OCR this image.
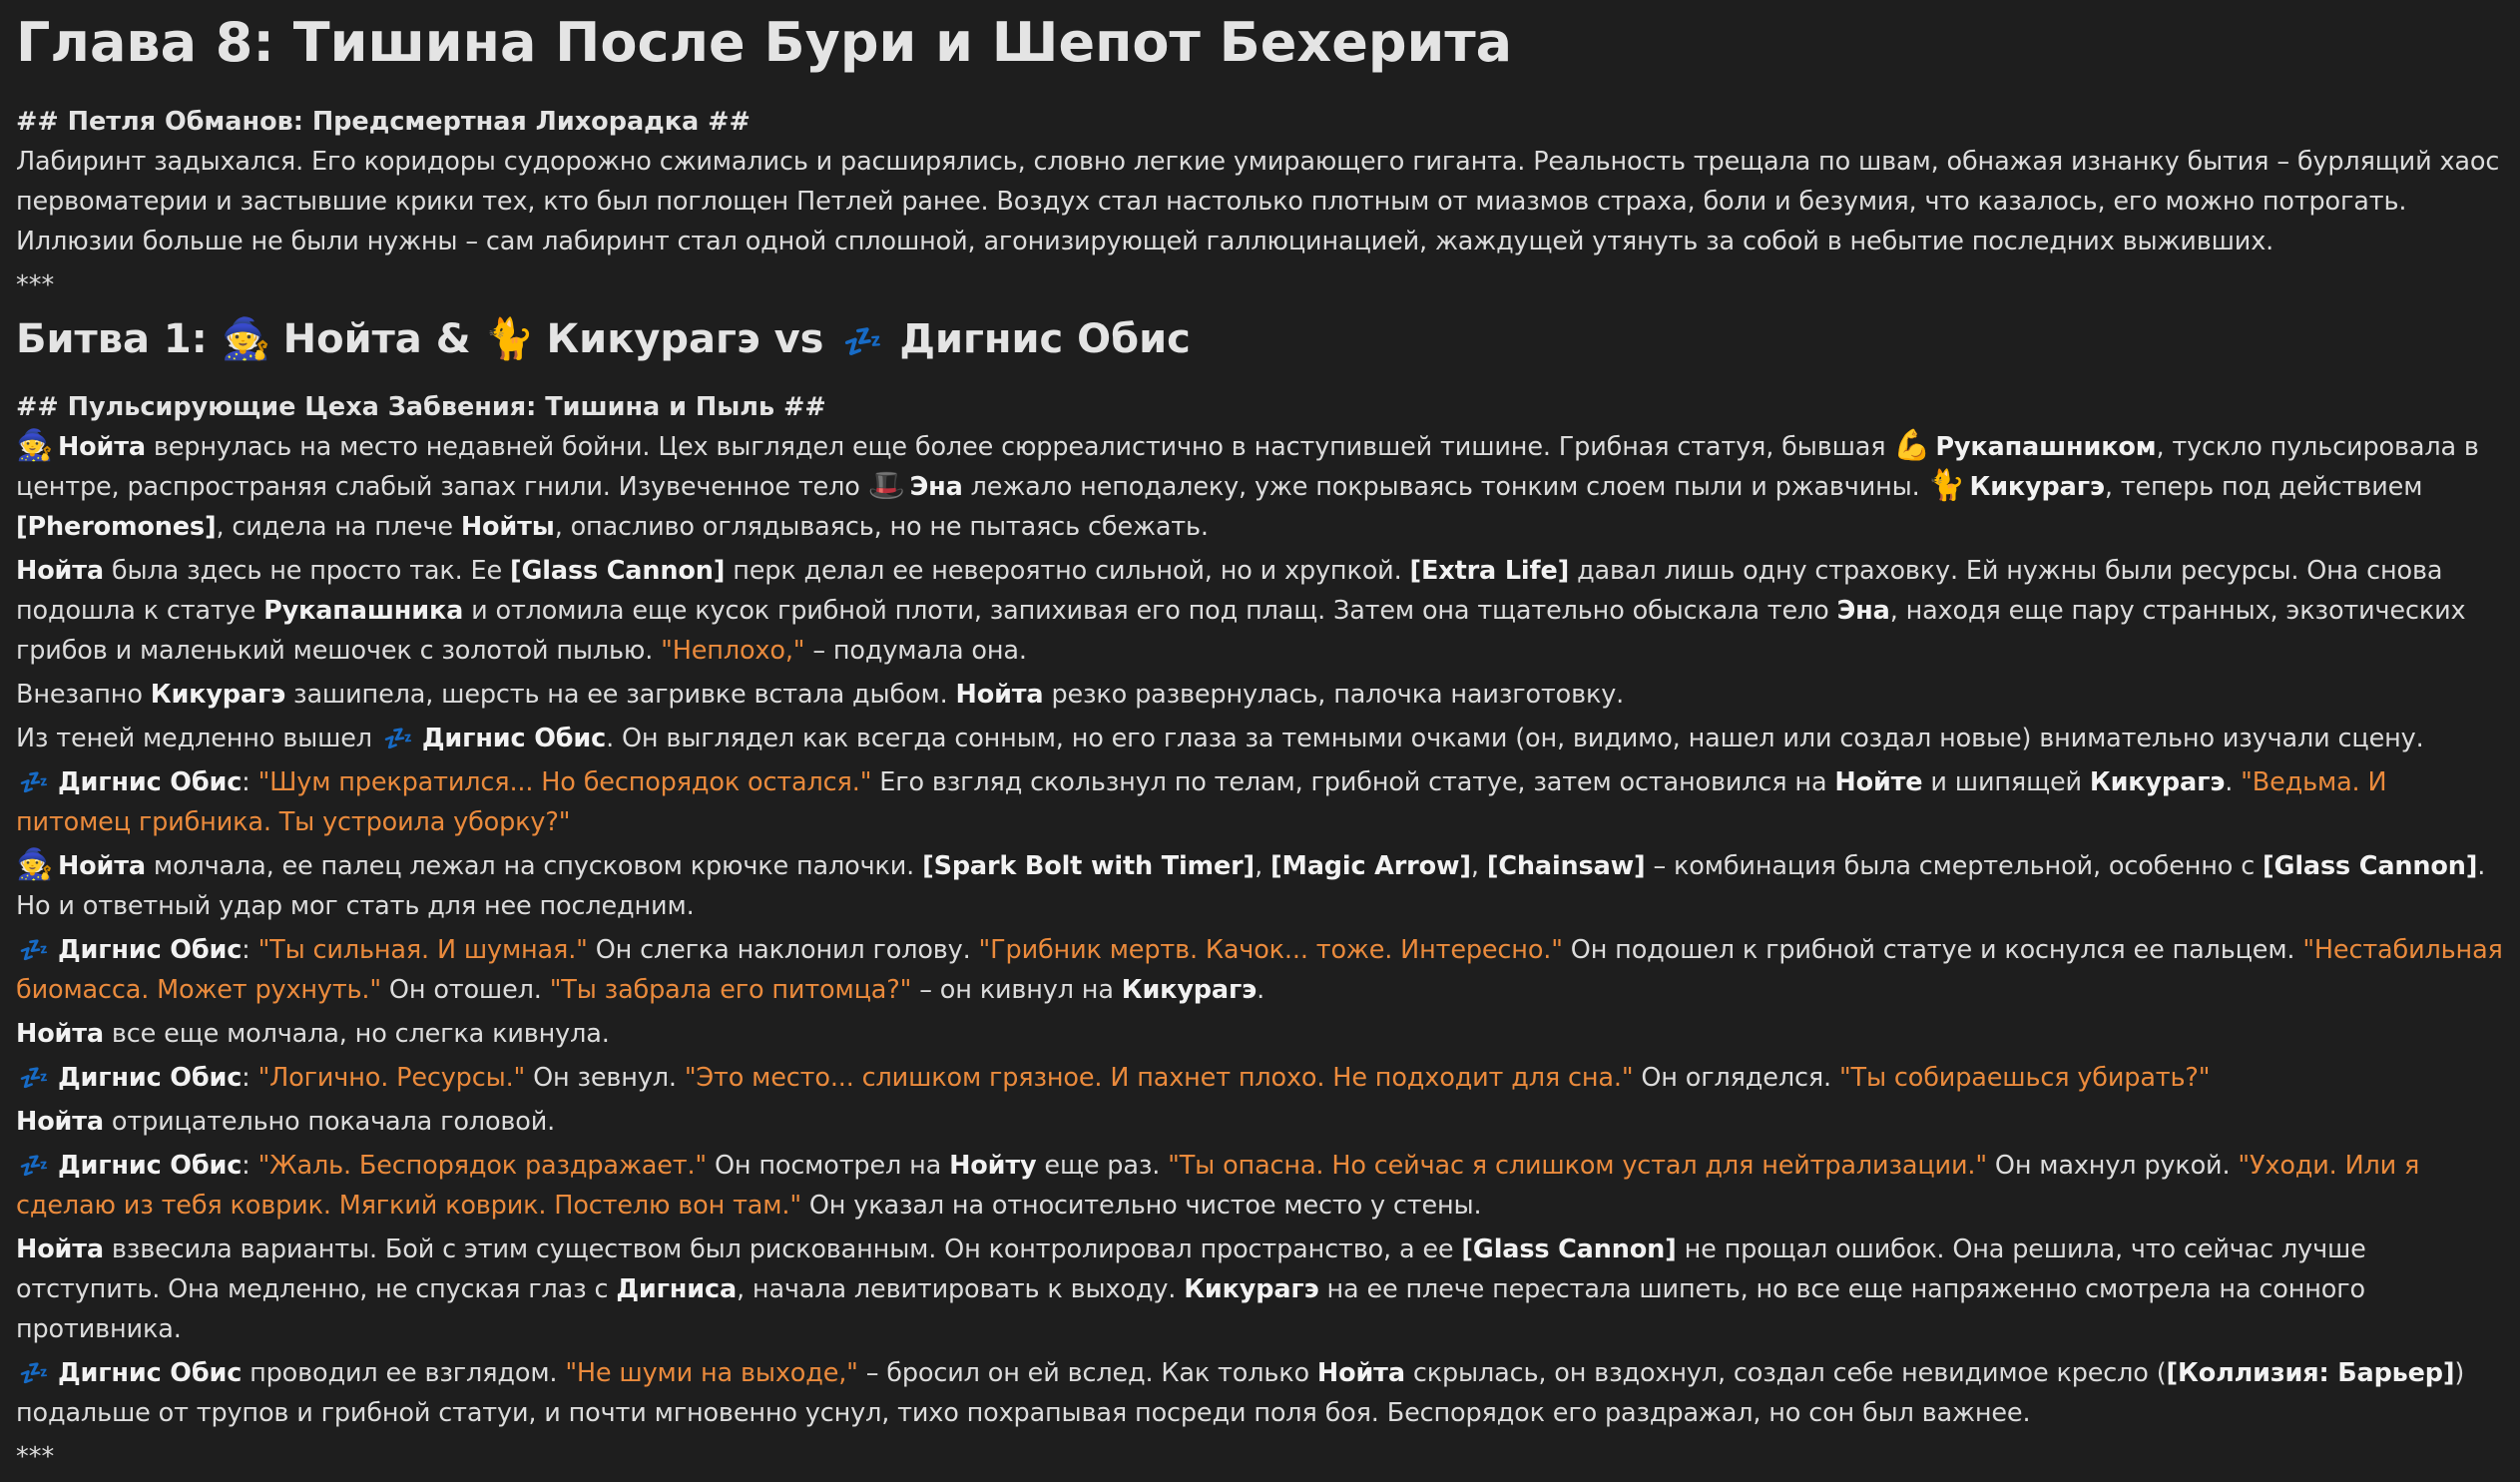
Глава 8: Тишина После Бури и Шепот Бехерита
## Петля Обманов: Предсмертная Лихорадка ##
Лабиринт задыхался. Его коридоры судорожно сжимались и расширялись, словно легкие умирающего гиганта. Реальность трещала по швам, обнажая изнанку бытия – бурлящий хаос первоматерии и застывшие крики тех, кто был поглощен Петлей ранее. Воздух стал настолько плотным от миазмов страха, боли и безумия, что казалось, его можно потрогать. Иллюзии больше не были нужны – сам лабиринт стал одной сплошной, агонизирующей галлюцинацией, жаждущей утянуть за собой в небытие последних выживших.
***
Битва 1: 🧙 Нойта & 🐈 Кикурагэ vs 💤 Дигнис Обис
## Пульсирующие Цеха Забвения: Тишина и Пыль ##
🧙 Нойта вернулась на место недавней бойни. Цех выглядел еще более сюрреалистично в наступившей тишине. Грибная статуя, бывшая 💪 Рукапашником, тускло пульсировала в центре, распространяя слабый запах гнили. Изувеченное тело 🎩 Эна лежало неподалеку, уже покрываясь тонким слоем пыли и ржавчины. 🐈 Кикурагэ, теперь под действием [Pheromones], сидела на плече Нойты, опасливо оглядываясь, но не пытаясь сбежать.
Нойта была здесь не просто так. Ее [Glass Cannon] перк делал ее невероятно сильной, но и хрупкой. [Extra Life] давал лишь одну страховку. Ей нужны были ресурсы. Она снова подошла к статуе Рукапашника и отломила еще кусок грибной плоти, запихивая его под плащ. Затем она тщательно обыскала тело Эна, находя еще пару странных, экзотических грибов и маленький мешочек с золотой пылью. "Неплохо," – подумала она.
Внезапно Кикурагэ зашипела, шерсть на ее загривке встала дыбом. Нойта резко развернулась, палочка наизготовку.
Из теней медленно вышел 💤 Дигнис Обис. Он выглядел как всегда сонным, но его глаза за темными очками (он, видимо, нашел или создал новые) внимательно изучали сцену.
💤 Дигнис Обис: "Шум прекратился... Но беспорядок остался." Его взгляд скользнул по телам, грибной статуе, затем остановился на Нойте и шипящей Кикурагэ. "Ведьма. И питомец грибника. Ты устроила уборку?"
🧙 Нойта молчала, ее палец лежал на спусковом крючке палочки. [Spark Bolt with Timer], [Magic Arrow], [Chainsaw] – комбинация была смертельной, особенно с [Glass Cannon]. Но и ответный удар мог стать для нее последним.
💤 Дигнис Обис: "Ты сильная. И шумная." Он слегка наклонил голову. "Грибник мертв. Качок... тоже. Интересно." Он подошел к грибной статуе и коснулся ее пальцем. "Нестабильная биомасса. Может рухнуть." Он отошел. "Ты забрала его питомца?" – он кивнул на Кикурагэ.
Нойта все еще молчала, но слегка кивнула.
💤 Дигнис Обис: "Логично. Ресурсы." Он зевнул. "Это место... слишком грязное. И пахнет плохо. Не подходит для сна." Он огляделся. "Ты собираешься убирать?"
Нойта отрицательно покачала головой.
💤 Дигнис Обис: "Жаль. Беспорядок раздражает." Он посмотрел на Нойту еще раз. "Ты опасна. Но сейчас я слишком устал для нейтрализации." Он махнул рукой. "Уходи. Или я сделаю из тебя коврик. Мягкий коврик. Постелю вон там." Он указал на относительно чистое место у стены.
Нойта взвесила варианты. Бой с этим существом был рискованным. Он контролировал пространство, а ее [Glass Cannon] не прощал ошибок. Она решила, что сейчас лучше отступить. Она медленно, не спуская глаз с Дигниса, начала левитировать к выходу. Кикурагэ на ее плече перестала шипеть, но все еще напряженно смотрела на сонного противника.
💤 Дигнис Обис проводил ее взглядом. "Не шуми на выходе," – бросил он ей вслед. Как только Нойта скрылась, он вздохнул, создал себе невидимое кресло ([Коллизия: Барьер]) подальше от трупов и грибной статуи, и почти мгновенно уснул, тихо похрапывая посреди поля боя. Беспорядок его раздражал, но сон был важнее.
***
